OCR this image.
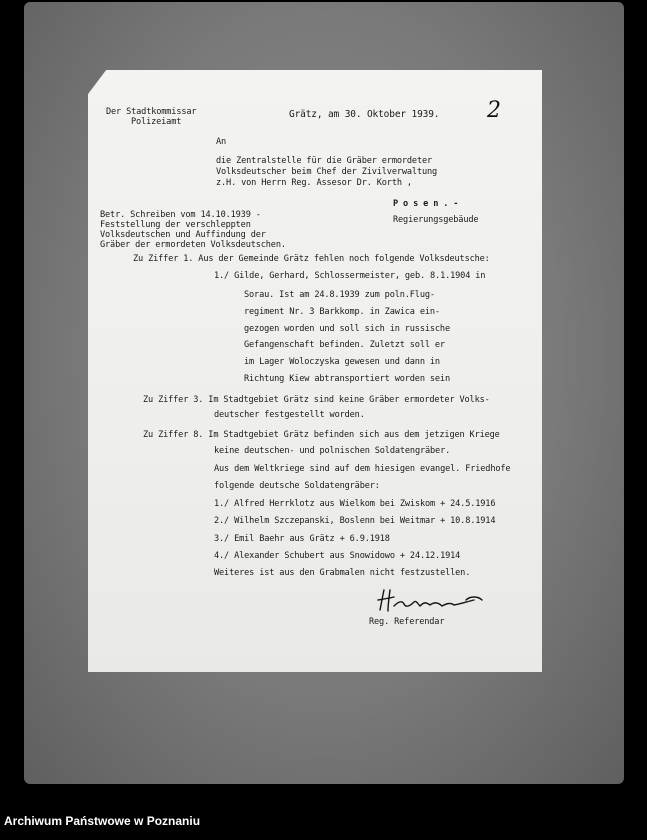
Der Stadtkommissar
Polizeiamt
Grätz, am 30. Oktober 1939. 2
An
die Zentralstelle für die Gräber ermordeter
Volksdeutscher beim Chef der Zivilverwaltung
z.H. von Herrn Reg. Assesor Dr. Korth ,
P o s e n . -
Regierungsgebäude
Betr. Schreiben vom 14.10.1939 -
Feststellung der verschleppten
Volksdeutschen und Auffindung der
Gräber der ermordeten Volksdeutschen.
Zu Ziffer 1. Aus der Gemeinde Grätz fehlen noch folgende Volksdeutsche:
1./ Gilde, Gerhard, Schlossermeister, geb. 8.1.1904 in
Sorau. Ist am 24.8.1939 zum poln.Flug-
regiment Nr. 3 Barkkomp. in Zawica ein-
gezogen worden und soll sich in russische
Gefangenschaft befinden. Zuletzt soll er
im Lager Woloczyska gewesen und dann in
Richtung Kiew abtransportiert worden sein
Zu Ziffer 3. Im Stadtgebiet Grätz sind keine Gräber ermordeter Volks-
deutscher festgestellt worden.
Zu Ziffer 8. Im Stadtgebiet Grätz befinden sich aus dem jetzigen Kriege
keine deutschen- und polnischen Soldatengräber.
Aus dem Weltkriege sind auf dem hiesigen evangel. Friedhofe
folgende deutsche Soldatengräber:
1./ Alfred Herrklotz aus Wielkom bei Zwiskom + 24.5.1916
2./ Wilhelm Szczepanski, Boslenn bei Weitmar + 10.8.1914
3./ Emil Baehr aus Grätz + 6.9.1918
4./ Alexander Schubert aus Snowidowo + 24.12.1914
Weiteres ist aus den Grabmalen nicht festzustellen.
Reg. Referendar
Archiwum Państwowe w Poznaniu
